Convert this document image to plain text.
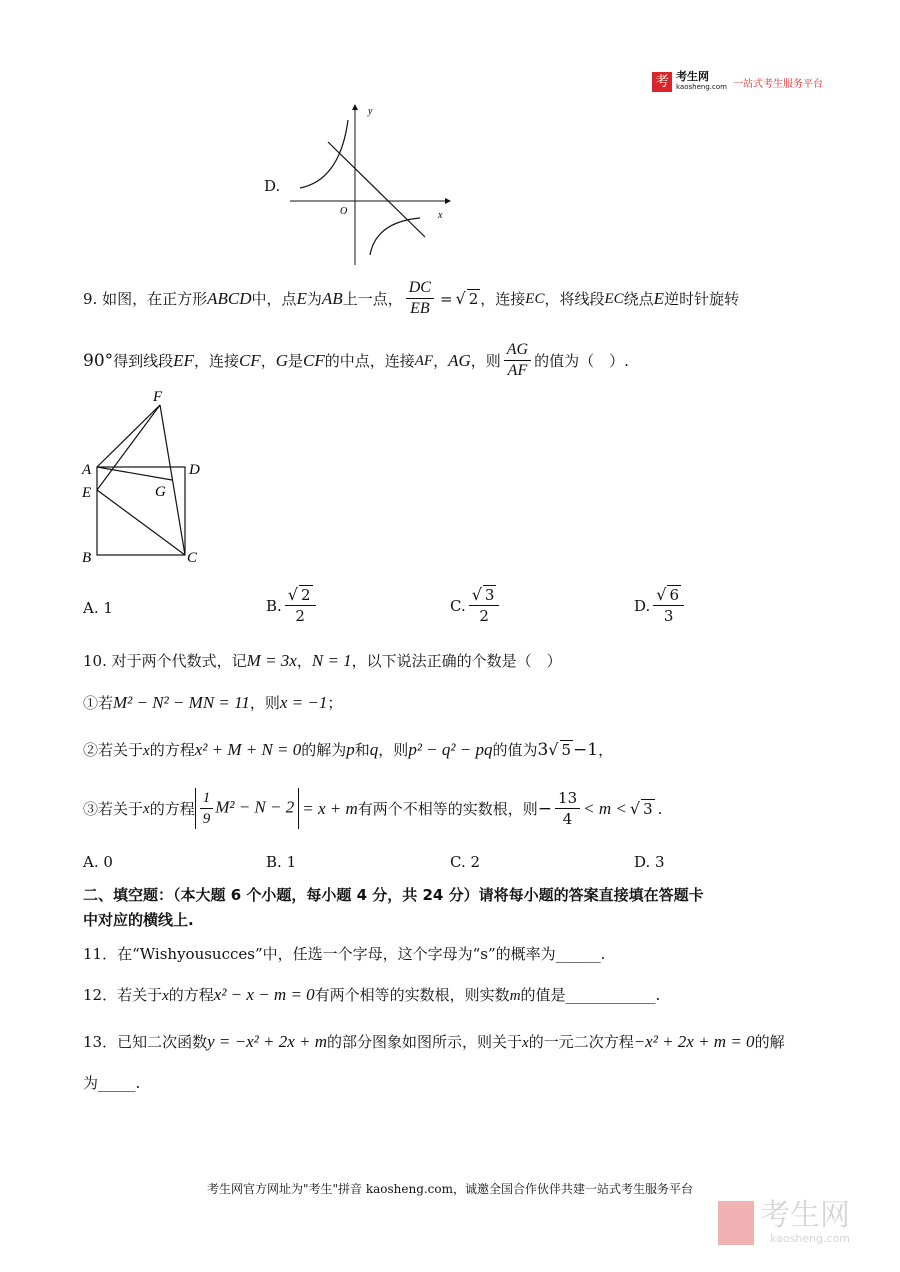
考 考生网
kaosheng.com 一站式考生服务平台
D.
y
x
O
9.
如图，在正方形 ABCD 中，点 E 为 AB 上一点， $\frac{DC}{EB}$ = √ 2 ，连接 EC ，将线段 EC 绕点 E 逆时针旋转
90° 得到线段 EF ，连接 CF ， G 是 CF 的中点，连接 AF ， AG ，则 $\frac{AG}{AF}$ 的值为（　）.
F
A	D
E	G
B	C
A. 1	B. $\frac{√ 2}{2}$	C. $\frac{√ 3}{2}$	D. $\frac{√ 6}{3}$
10. 对于两个代数式，记M = 3x，N = 1，以下说法正确的个数是（　）
①若M² − N² − MN = 11，则x = −1；
②若关于x的方程x² + M + N = 0的解为p和q，则p² − q² − pq的值为3√ 5 −1，
③若关于 x 的方程 $\frac{1}{9} M^2 - N - 2 = x + m$ 有两个不相等的实数根，则 − $\frac{13}{4} < m$ < √ 3 .
A. 0	B. 1	C. 2	D. 3
二、填空题：（本大题 6 个小题，每小题 4 分，共 24 分）请将每小题的答案直接填在答题卡
中对应的横线上.
11．在“Wishyousucces”中，任选一个字母，这个字母为“s”的概率为______.
12．若关于x的方程x² − x − m = 0有两个相等的实数根，则实数m的值是____________.
13．已知二次函数y = −x² + 2x + m的部分图象如图所示，则关于x的一元二次方程−x² + 2x + m = 0的解
为_____.
考生网官方网址为"考生"拼音 kaosheng.com，诚邀全国合作伙伴共建一站式考生服务平台
考生网
kaosheng.com
